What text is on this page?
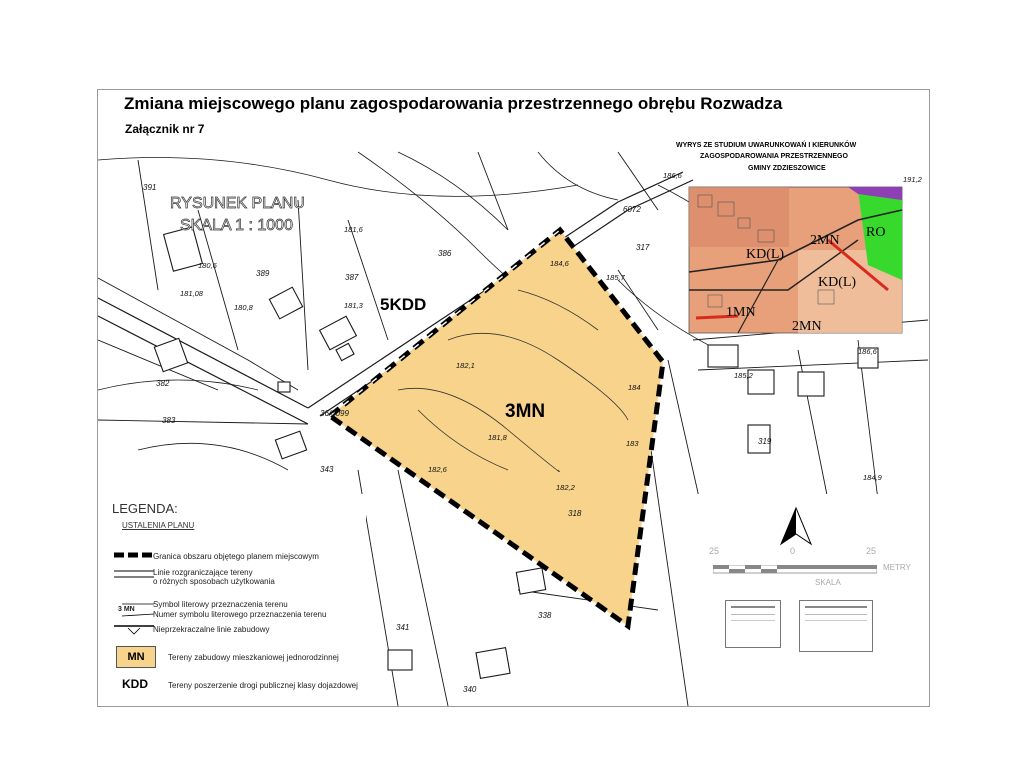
RYSUNEK PLANU
SKALA 1 : 1000
3MN
5KDD
391
389
386
387
382
383
318
317
343
341
338
340
319
6072
36/3099
181,6
180,6
181,3
180,8
182,1
181,8
182,6
182,2
184,6
185,7
186,6
184
183
181,08
191,2
185,2
184,9
186,6
2MN
RO
KD(L)
KD(L)
1MN
2MN
Zmiana miejscowego planu zagospodarowania przestrzennego obrębu Rozwadza
Załącznik nr 7
WYRYS ZE STUDIUM UWARUNKOWAŃ I KIERUNKÓW
ZAGOSPODAROWANIA PRZESTRZENNEGO
GMINY ZDZIESZOWICE
LEGENDA:
USTALENIA PLANU
Granica obszaru objętego planem miejscowym
Linie rozgraniczające tereny
o różnych sposobach użytkowania
3 MN
Symbol literowy przeznaczenia terenu
Numer symbolu literowego przeznaczenia terenu
Nieprzekraczalne linie zabudowy
MN	Tereny zabudowy mieszkaniowej jednorodzinnej
KDD	Tereny poszerzenie drogi publicznej klasy dojazdowej
25	0	25
METRY
SKALA
